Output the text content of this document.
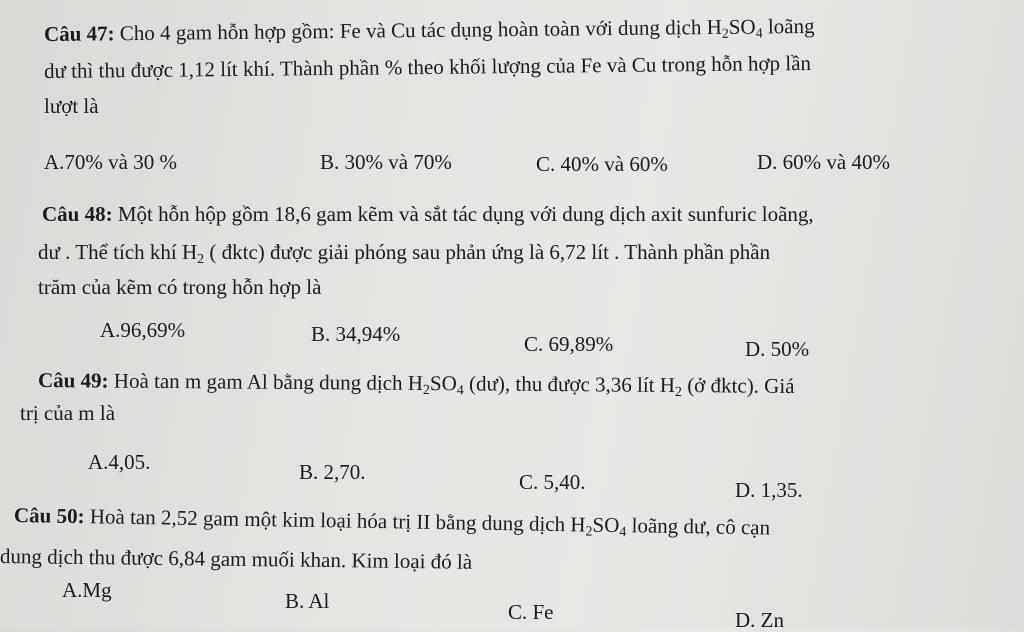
Câu 47: Cho 4 gam hỗn hợp gồm: Fe và Cu tác dụng hoàn toàn với dung dịch $H_2SO_4$ loãng
dư thì thu được 1,12 lít khí. Thành phần % theo khối lượng của Fe và Cu trong hỗn hợp lần
lượt là
A.70% và 30 %	B. 30% và 70%	C. 40% và 60%	D. 60% và 40%
Câu 48: Một hỗn hộp gồm 18,6 gam kẽm và sắt tác dụng với dung dịch axit sunfuric loãng,
dư . Thể tích khí $H_2$ ( đktc) được giải phóng sau phản ứng là 6,72 lít . Thành phần phần
trăm của kẽm có trong hỗn hợp là
A.96,69%	B. 34,94%	C. 69,89%	D. 50%
Câu 49: Hoà tan m gam Al bằng dung dịch $H_2SO_4$ (dư), thu được 3,36 lít $H_2$ (ở đktc). Giá
trị của m là
A.4,05.	B. 2,70.	C. 5,40.	D. 1,35.
Câu 50: Hoà tan 2,52 gam một kim loại hóa trị II bằng dung dịch $H_2SO_4$ loãng dư, cô cạn
dung dịch thu được 6,84 gam muối khan. Kim loại đó là
A.Mg	B. Al	C. Fe	D. Zn
